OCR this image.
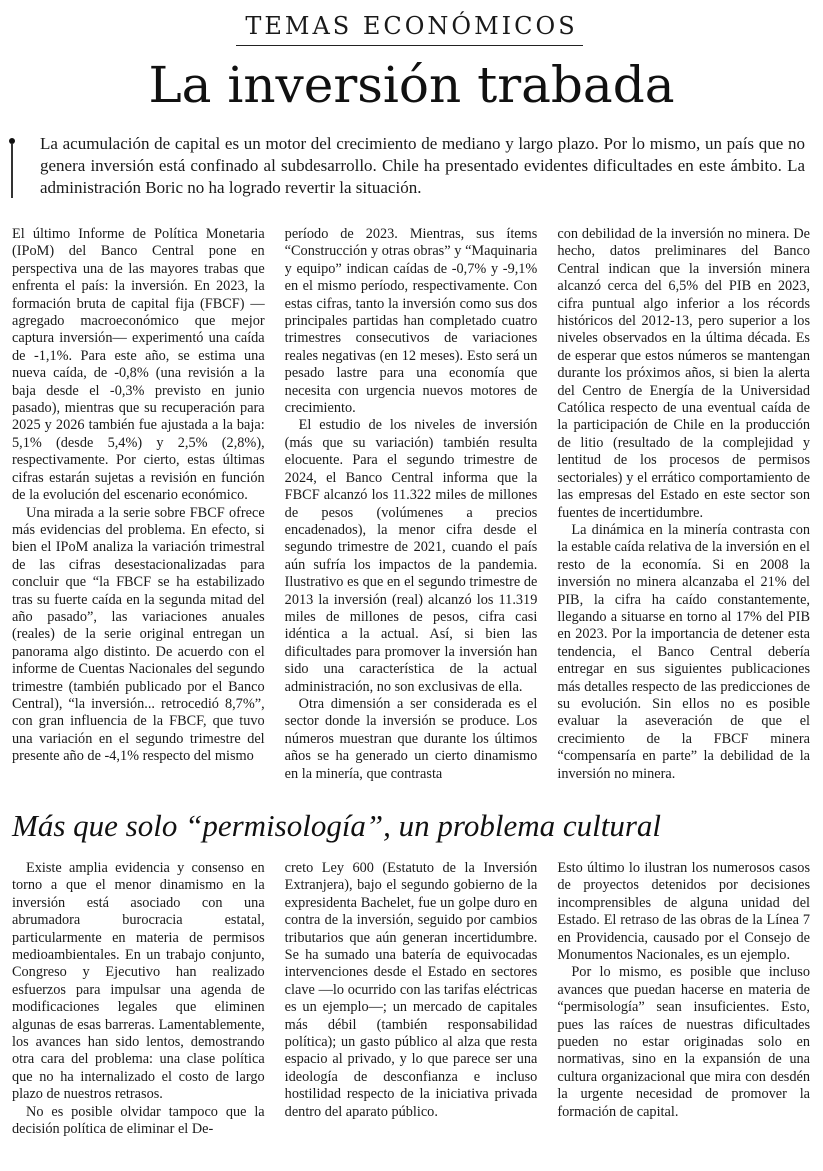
TEMAS ECONÓMICOS
La inversión trabada

La acumulación de capital es un motor del crecimiento de mediano y largo plazo. Por lo mismo, un país que no genera inversión está confinado al subdesarrollo. Chile ha presentado evidentes dificultades en este ámbito. La administración Boric no ha logrado revertir la situación.

El último Informe de Política Monetaria (IPoM) del Banco Central pone en perspectiva una de las mayores trabas que enfrenta el país: la inversión. En 2023, la formación bruta de capital fija (FBCF) —agregado macroeconómico que mejor captura inversión— experimentó una caída de -1,1%. Para este año, se estima una nueva caída, de -0,8% (una revisión a la baja desde el -0,3% previsto en junio pasado), mientras que su recuperación para 2025 y 2026 también fue ajustada a la baja: 5,1% (desde 5,4%) y 2,5% (2,8%), respectivamente. Por cierto, estas últimas cifras estarán sujetas a revisión en función de la evolución del escenario económico.

Una mirada a la serie sobre FBCF ofrece más evidencias del problema. En efecto, si bien el IPoM analiza la variación trimestral de las cifras desestacionalizadas para concluir que “la FBCF se ha estabilizado tras su fuerte caída en la segunda mitad del año pasado”, las variaciones anuales (reales) de la serie original entregan un panorama algo distinto. De acuerdo con el informe de Cuentas Nacionales del segundo trimestre (también publicado por el Banco Central), “la inversión... retrocedió 8,7%”, con gran influencia de la FBCF, que tuvo una variación en el segundo trimestre del presente año de -4,1% respecto del mismo

período de 2023. Mientras, sus ítems “Construcción y otras obras” y “Maquinaria y equipo” indican caídas de -0,7% y -9,1% en el mismo período, respectivamente. Con estas cifras, tanto la inversión como sus dos principales partidas han completado cuatro trimestres consecutivos de variaciones reales negativas (en 12 meses). Esto será un pesado lastre para una economía que necesita con urgencia nuevos motores de crecimiento.

El estudio de los niveles de inversión (más que su variación) también resulta elocuente. Para el segundo trimestre de 2024, el Banco Central informa que la FBCF alcanzó los 11.322 miles de millones de pesos (volúmenes a precios encadenados), la menor cifra desde el segundo trimestre de 2021, cuando el país aún sufría los impactos de la pandemia. Ilustrativo es que en el segundo trimestre de 2013 la inversión (real) alcanzó los 11.319 miles de millones de pesos, cifra casi idéntica a la actual. Así, si bien las dificultades para promover la inversión han sido una característica de la actual administración, no son exclusivas de ella.

Otra dimensión a ser considerada es el sector donde la inversión se produce. Los números muestran que durante los últimos años se ha generado un cierto dinamismo en la minería, que contrasta

con debilidad de la inversión no minera. De hecho, datos preliminares del Banco Central indican que la inversión minera alcanzó cerca del 6,5% del PIB en 2023, cifra puntual algo inferior a los récords históricos del 2012-13, pero superior a los niveles observados en la última década. Es de esperar que estos números se mantengan durante los próximos años, si bien la alerta del Centro de Energía de la Universidad Católica respecto de una eventual caída de la participación de Chile en la producción de litio (resultado de la complejidad y lentitud de los procesos de permisos sectoriales) y el errático comportamiento de las empresas del Estado en este sector son fuentes de incertidumbre.

La dinámica en la minería contrasta con la estable caída relativa de la inversión en el resto de la economía. Si en 2008 la inversión no minera alcanzaba el 21% del PIB, la cifra ha caído constantemente, llegando a situarse en torno al 17% del PIB en 2023. Por la importancia de detener esta tendencia, el Banco Central debería entregar en sus siguientes publicaciones más detalles respecto de las predicciones de su evolución. Sin ellos no es posible evaluar la aseveración de que el crecimiento de la FBCF minera “compensaría en parte” la debilidad de la inversión no minera.

Más que solo “permisología”, un problema cultural

Existe amplia evidencia y consenso en torno a que el menor dinamismo en la inversión está asociado con una abrumadora burocracia estatal, particularmente en materia de permisos medioambientales. En un trabajo conjunto, Congreso y Ejecutivo han realizado esfuerzos para impulsar una agenda de modificaciones legales que eliminen algunas de esas barreras. Lamentablemente, los avances han sido lentos, demostrando otra cara del problema: una clase política que no ha internalizado el costo de largo plazo de nuestros retrasos.

No es posible olvidar tampoco que la decisión política de eliminar el De-

creto Ley 600 (Estatuto de la Inversión Extranjera), bajo el segundo gobierno de la expresidenta Bachelet, fue un golpe duro en contra de la inversión, seguido por cambios tributarios que aún generan incertidumbre. Se ha sumado una batería de equivocadas intervenciones desde el Estado en sectores clave —lo ocurrido con las tarifas eléctricas es un ejemplo—; un mercado de capitales más débil (también responsabilidad política); un gasto público al alza que resta espacio al privado, y lo que parece ser una ideología de desconfianza e incluso hostilidad respecto de la iniciativa privada dentro del aparato público.

Esto último lo ilustran los numerosos casos de proyectos detenidos por decisiones incomprensibles de alguna unidad del Estado. El retraso de las obras de la Línea 7 en Providencia, causado por el Consejo de Monumentos Nacionales, es un ejemplo.

Por lo mismo, es posible que incluso avances que puedan hacerse en materia de “permisología” sean insuficientes. Esto, pues las raíces de nuestras dificultades pueden no estar originadas solo en normativas, sino en la expansión de una cultura organizacional que mira con desdén la urgente necesidad de promover la formación de capital.
